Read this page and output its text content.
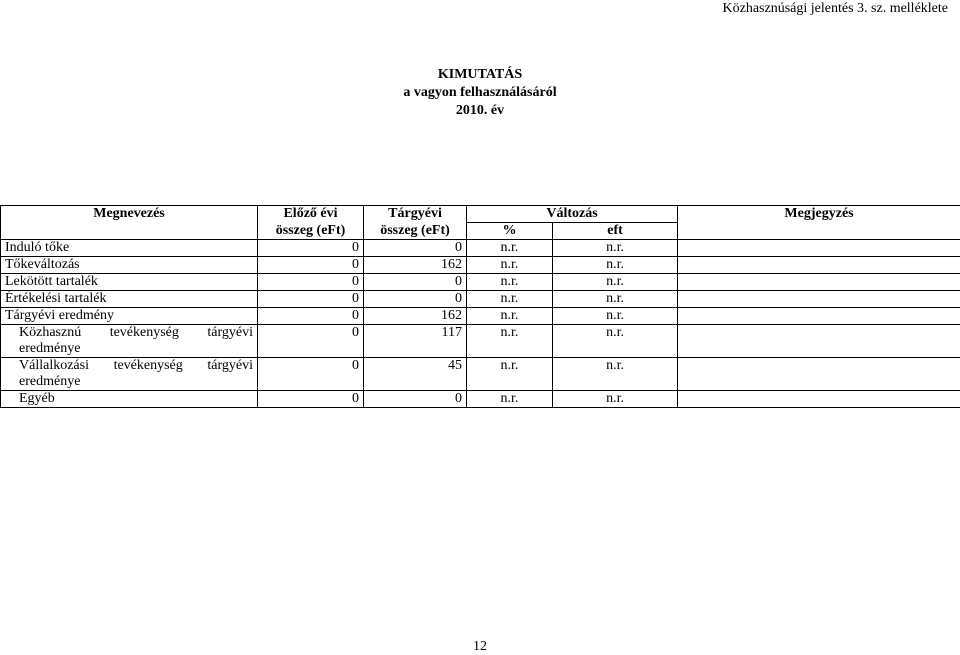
Közhasznúsági jelentés 3. sz. melléklete
KIMUTATÁS
a vagyon felhasználásáról
2010. év
Megnevezés	Előző évi	Tárgyévi	Változás		Megjegyzés
	összeg (eFt)	összeg (eFt)	%	eft	
Induló tőke	0	0	n.r.	n.r.	
Tőkeváltozás	0	162	n.r.	n.r.	
Lekötött tartalék	0	0	n.r.	n.r.	
Értékelési tartalék	0	0	n.r.	n.r.	
Tárgyévi eredmény	0	162	n.r.	n.r.	
Közhasznú tevékenység tárgyévi eredménye	0	117	n.r.	n.r.	
Vállalkozási tevékenység tárgyévi eredménye	0	45	n.r.	n.r.	
Egyéb	0	0	n.r.	n.r.	
12
